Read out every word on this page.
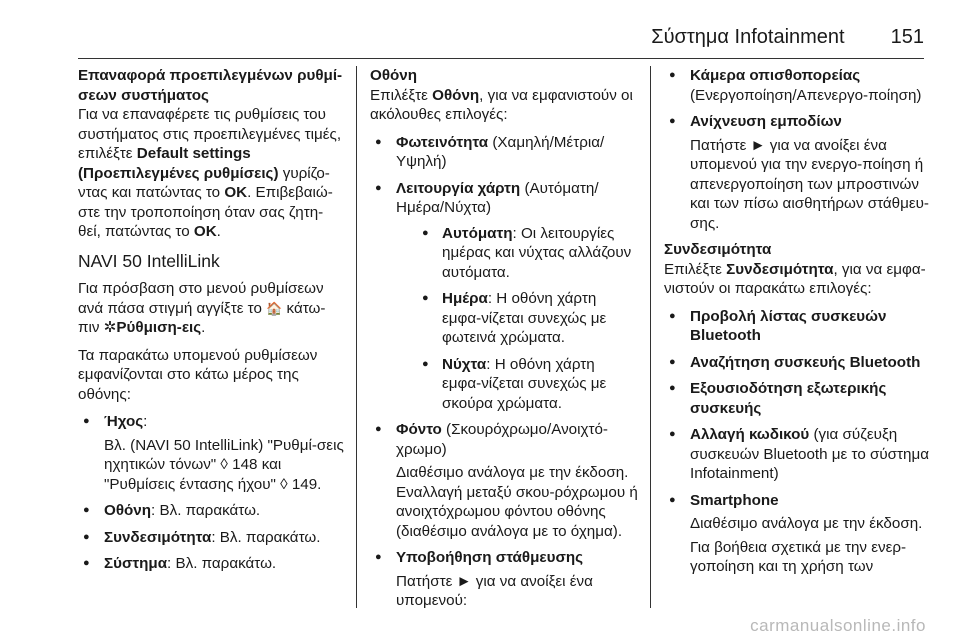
Σύστημα Infotainment 151

Επαναφορά προεπιλεγμένων ρυθμί-σεων συστήματος
Για να επαναφέρετε τις ρυθμίσεις του συστήματος στις προεπιλεγμένες τιμές, επιλέξτε Default settings (Προεπιλεγμένες ρυθμίσεις) γυρίζο-ντας και πατώντας το OK. Επιβεβαιώ-στε την τροποποίηση όταν σας ζητη-θεί, πατώντας το OK.

NAVI 50 IntelliLink

Για πρόσβαση στο μενού ρυθμίσεων ανά πάσα στιγμή αγγίξτε το 🏠 κάτω-πιν ✲Ρύθμιση-εις.

Τα παρακάτω υπομενού ρυθμίσεων εμφανίζονται στο κάτω μέρος της οθόνης:

● Ήχος:
Βλ. (NAVI 50 IntelliLink) "Ρυθμί-σεις ηχητικών τόνων" ◊ 148 και "Ρυθμίσεις έντασης ήχου" ◊ 149.
● Οθόνη: Βλ. παρακάτω.
● Συνδεσιμότητα: Βλ. παρακάτω.
● Σύστημα: Βλ. παρακάτω.

Οθόνη
Επιλέξτε Οθόνη, για να εμφανιστούν οι ακόλουθες επιλογές:

● Φωτεινότητα (Χαμηλή/Μέτρια/Υψηλή)
● Λειτουργία χάρτη (Αυτόματη/Ημέρα/Νύχτα)
● Αυτόματη: Οι λειτουργίες ημέρας και νύχτας αλλάζουν αυτόματα.
● Ημέρα: Η οθόνη χάρτη εμφα-νίζεται συνεχώς με φωτεινά χρώματα.
● Νύχτα: Η οθόνη χάρτη εμφα-νίζεται συνεχώς με σκούρα χρώματα.
● Φόντο (Σκουρόχρωμο/Ανοιχτό-χρωμο)
Διαθέσιμο ανάλογα με την έκδοση. Εναλλαγή μεταξύ σκου-ρόχρωμου ή ανοιχτόχρωμου φόντου οθόνης (διαθέσιμο ανάλογα με το όχημα).
● Υποβοήθηση στάθμευσης
Πατήστε ► για να ανοίξει ένα υπομενού:
● Κάμερα οπισθοπορείας
(Ενεργοποίηση/Απενεργο-ποίηση)
● Ανίχνευση εμποδίων
Πατήστε ► για να ανοίξει ένα υπομενού για την ενεργο-ποίηση ή απενεργοποίηση των μπροστινών και των πίσω αισθητήρων στάθμευ-σης.

Συνδεσιμότητα
Επιλέξτε Συνδεσιμότητα, για να εμφα-νιστούν οι παρακάτω επιλογές:

● Προβολή λίστας συσκευών Bluetooth
● Αναζήτηση συσκευής Bluetooth
● Εξουσιοδότηση εξωτερικής συσκευής
● Αλλαγή κωδικού (για σύζευξη συσκευών Bluetooth με το σύστημα Infotainment)
● Smartphone
Διαθέσιμο ανάλογα με την έκδοση.
Για βοήθεια σχετικά με την ενερ-γοποίηση και τη χρήση των
carmanualsonline.info
